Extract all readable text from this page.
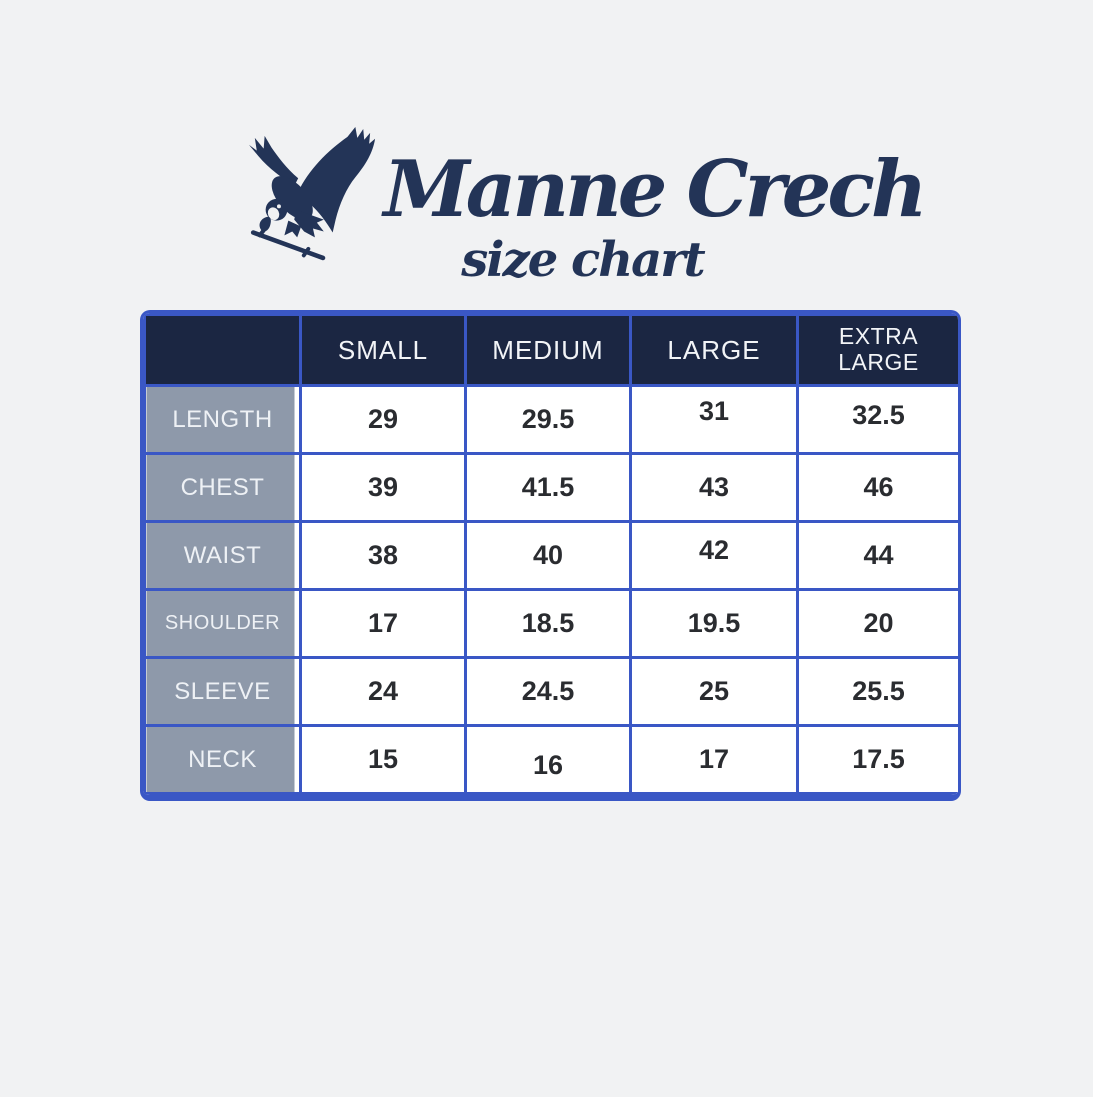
Manne Crech
size chart
	SMALL	MEDIUM	LARGE	EXTRA LARGE
LENGTH	29	29.5	31	32.5
CHEST	39	41.5	43	46
WAIST	38	40	42	44
SHOULDER	17	18.5	19.5	20
SLEEVE	24	24.5	25	25.5
NECK	15	16	17	17.5
